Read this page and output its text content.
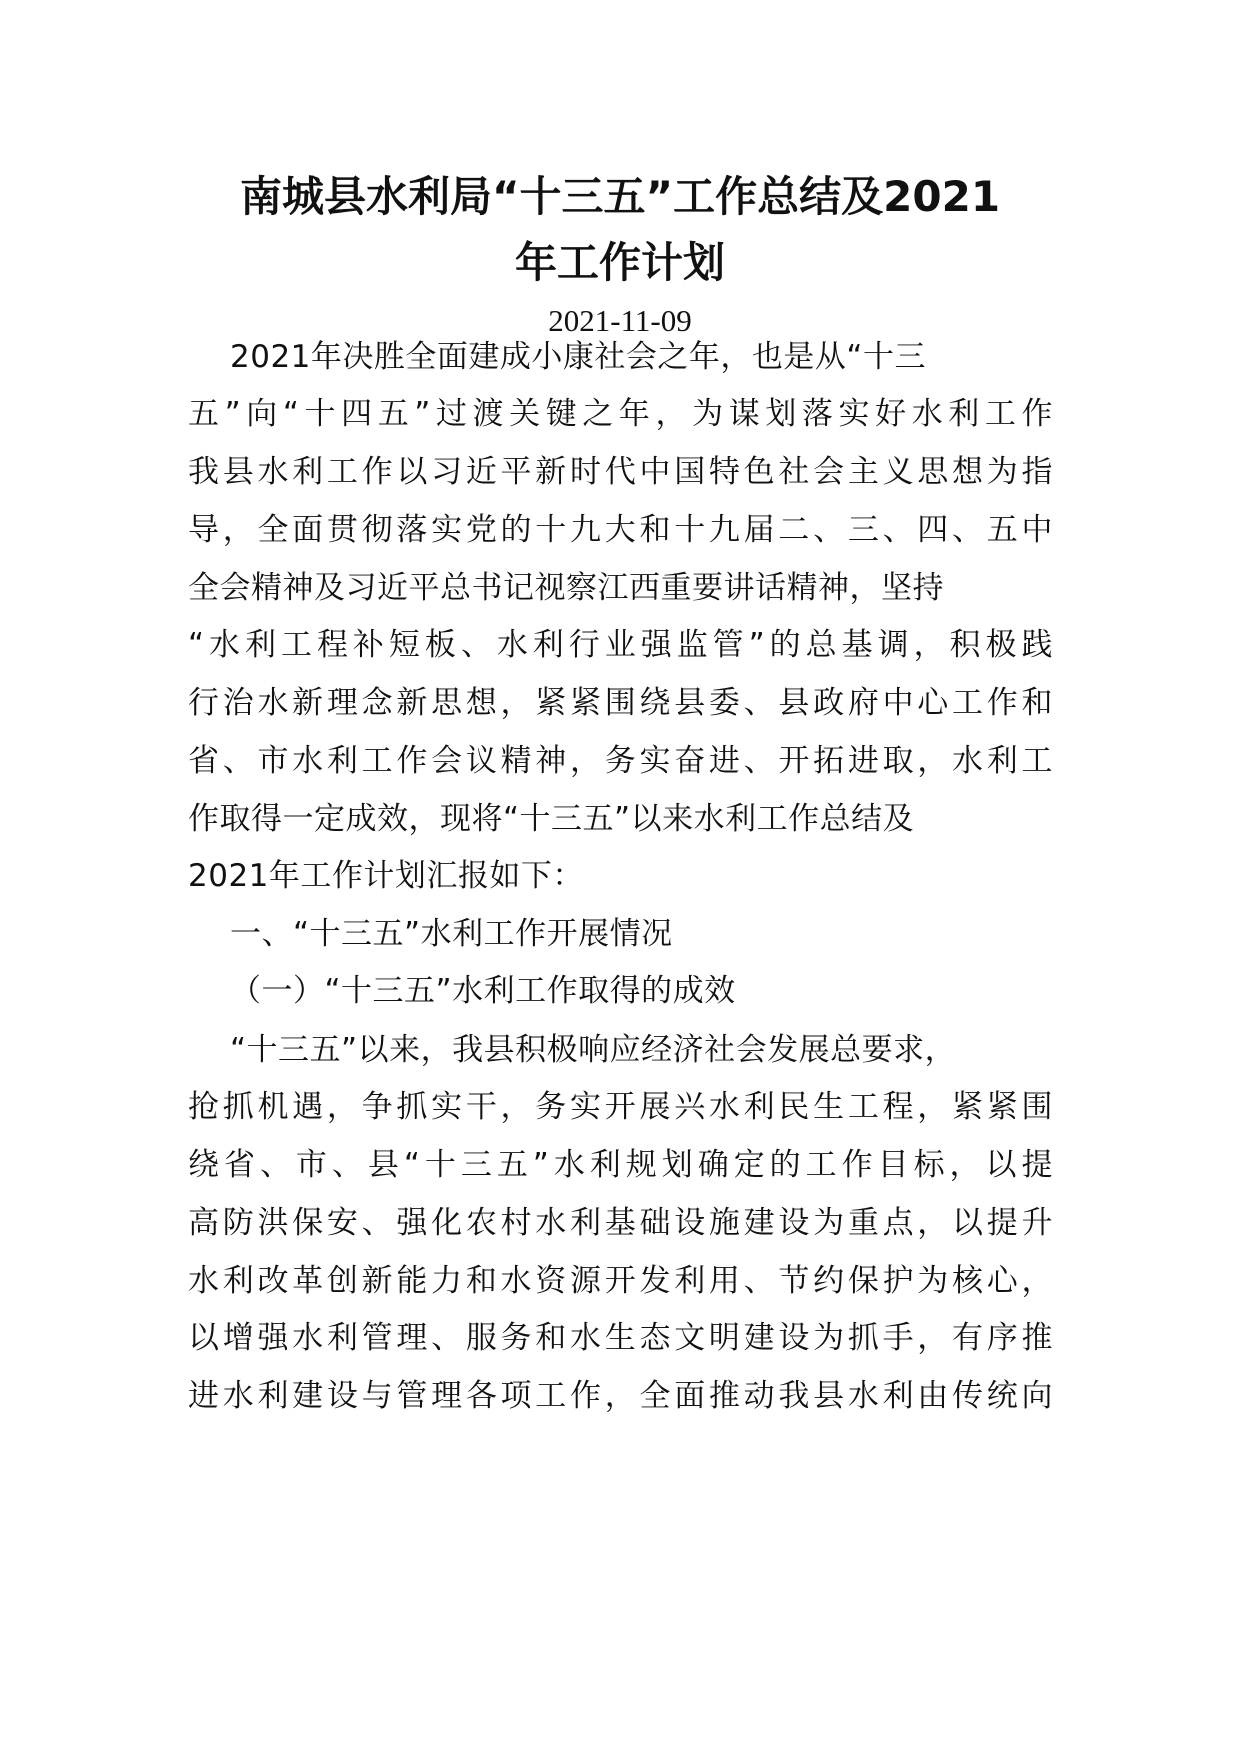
南城县水利局“十三五”工作总结及2021
年工作计划
2021-11-09
2021年决胜全面建成小康社会之年，也是从“十三
五”向“十四五”过渡关键之年，为谋划落实好水利工作
我县水利工作以习近平新时代中国特色社会主义思想为指
导，全面贯彻落实党的十九大和十九届二、三、四、五中
全会精神及习近平总书记视察江西重要讲话精神，坚持
“水利工程补短板、水利行业强监管”的总基调，积极践
行治水新理念新思想，紧紧围绕县委、县政府中心工作和
省、市水利工作会议精神，务实奋进、开拓进取，水利工
作取得一定成效，现将“十三五”以来水利工作总结及
2021年工作计划汇报如下：
一、“十三五”水利工作开展情况
（一）“十三五”水利工作取得的成效
“十三五”以来，我县积极响应经济社会发展总要求，
抢抓机遇，争抓实干，务实开展兴水利民生工程，紧紧围
绕省、市、县“十三五”水利规划确定的工作目标，以提
高防洪保安、强化农村水利基础设施建设为重点，以提升
水利改革创新能力和水资源开发利用、节约保护为核心，
以增强水利管理、服务和水生态文明建设为抓手，有序推
进水利建设与管理各项工作，全面推动我县水利由传统向
